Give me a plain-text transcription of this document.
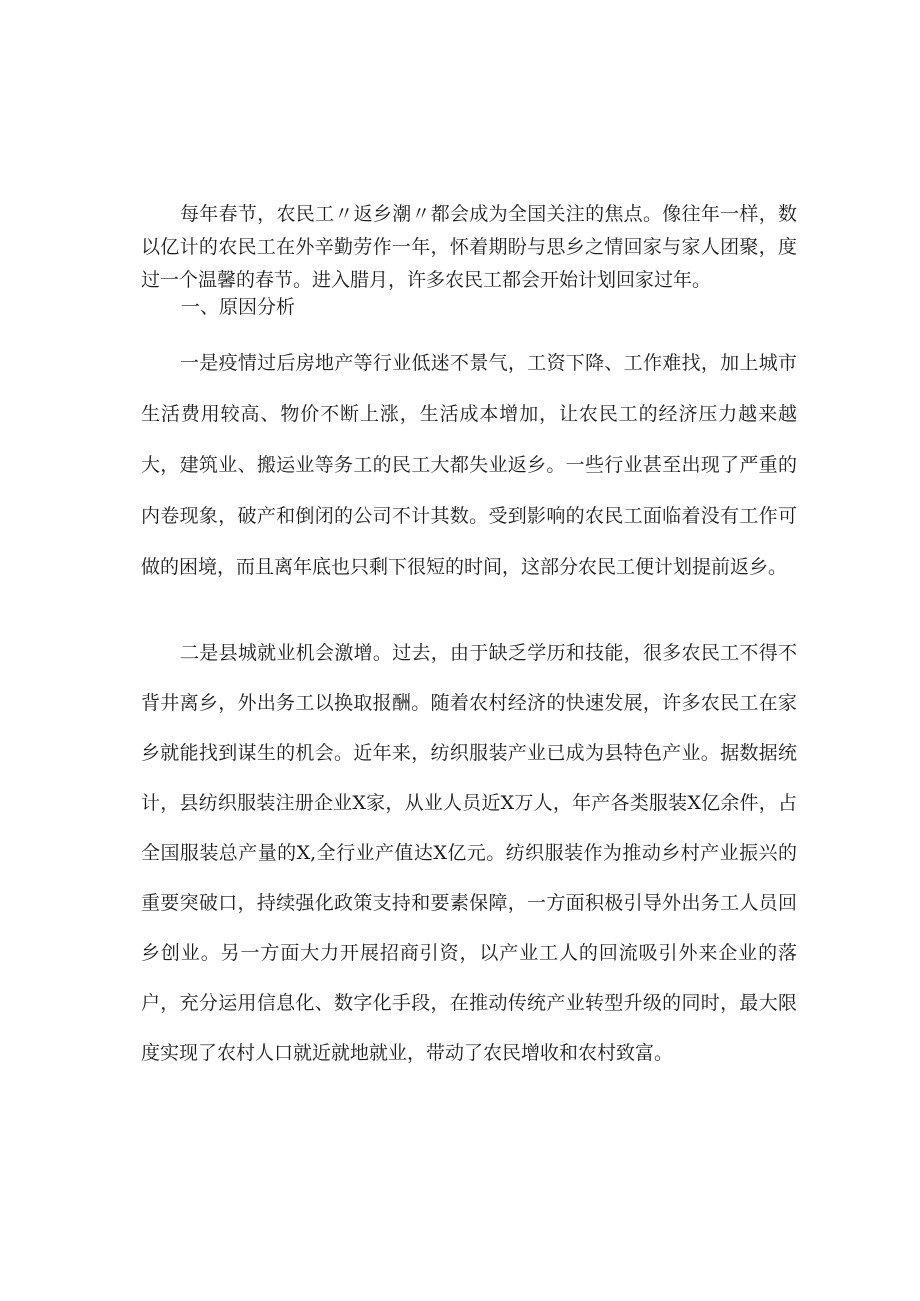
每年春节，农民工〃返乡潮〃都会成为全国关注的焦点。像往年一样，数以亿计的农民工在外辛勤劳作一年，怀着期盼与思乡之情回家与家人团聚，度过一个温馨的春节。进入腊月，许多农民工都会开始计划回家过年。

一、原因分析

一是疫情过后房地产等行业低迷不景气，工资下降、工作难找，加上城市生活费用较高、物价不断上涨，生活成本增加，让农民工的经济压力越来越大，建筑业、搬运业等务工的民工大都失业返乡。一些行业甚至出现了严重的内卷现象，破产和倒闭的公司不计其数。受到影响的农民工面临着没有工作可做的困境，而且离年底也只剩下很短的时间，这部分农民工便计划提前返乡。

二是县城就业机会激增。过去，由于缺乏学历和技能，很多农民工不得不背井离乡，外出务工以换取报酬。随着农村经济的快速发展，许多农民工在家乡就能找到谋生的机会。近年来，纺织服装产业已成为县特色产业。据数据统计，县纺织服装注册企业X家，从业人员近X万人，年产各类服装X亿余件，占全国服装总产量的X,全行业产值达X亿元。纺织服装作为推动乡村产业振兴的重要突破口，持续强化政策支持和要素保障，一方面积极引导外出务工人员回乡创业。另一方面大力开展招商引资，以产业工人的回流吸引外来企业的落户，充分运用信息化、数字化手段，在推动传统产业转型升级的同时，最大限度实现了农村人口就近就地就业，带动了农民增收和农村致富。
